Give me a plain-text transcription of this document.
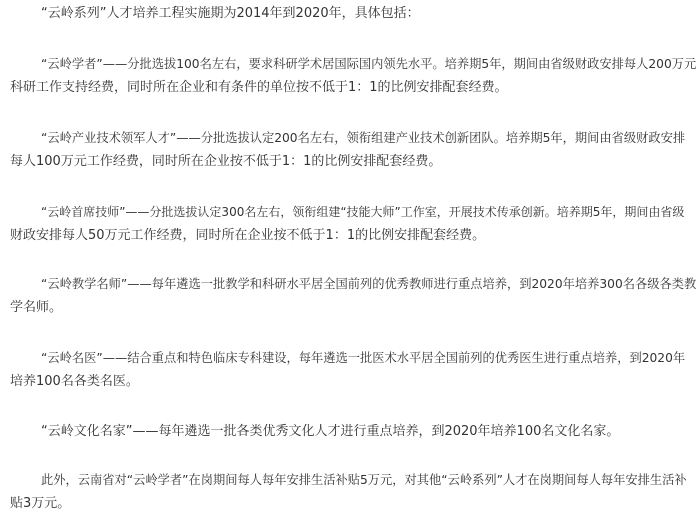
“云岭系列”人才培养工程实施期为2014年到2020年，具体包括：
“云岭学者”——分批选拔100名左右，要求科研学术居国际国内领先水平。培养期5年，期间由省级财政安排每人200万元
科研工作支持经费，同时所在企业和有条件的单位按不低于1：1的比例安排配套经费。
“云岭产业技术领军人才”——分批选拔认定200名左右，领衔组建产业技术创新团队。培养期5年，期间由省级财政安排
每人100万元工作经费，同时所在企业按不低于1：1的比例安排配套经费。
“云岭首席技师”——分批选拔认定300名左右，领衔组建“技能大师”工作室，开展技术传承创新。培养期5年，期间由省级
财政安排每人50万元工作经费，同时所在企业按不低于1：1的比例安排配套经费。
“云岭教学名师”——每年遴选一批教学和科研水平居全国前列的优秀教师进行重点培养，到2020年培养300名各级各类教
学名师。
“云岭名医”——结合重点和特色临床专科建设，每年遴选一批医术水平居全国前列的优秀医生进行重点培养，到2020年
培养100名各类名医。
“云岭文化名家”——每年遴选一批各类优秀文化人才进行重点培养，到2020年培养100名文化名家。
此外，云南省对“云岭学者”在岗期间每人每年安排生活补贴5万元，对其他“云岭系列”人才在岗期间每人每年安排生活补
贴3万元。
